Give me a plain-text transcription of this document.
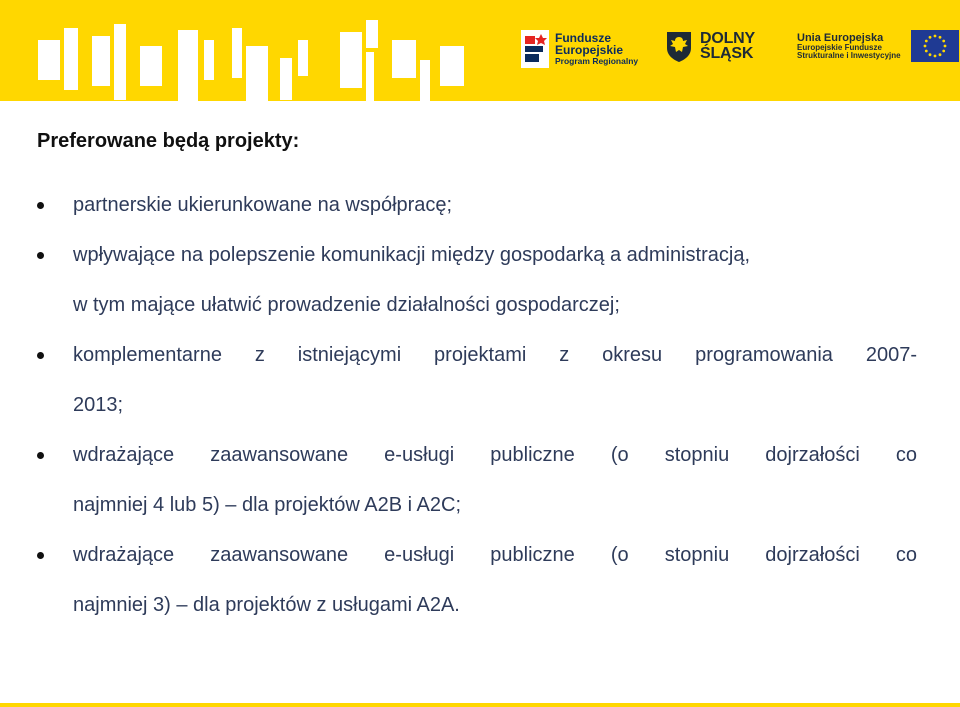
Fundusze
Europejskie
Program Regionalny
DOLNY
ŚLĄSK
Unia Europejska
Europejskie Fundusze
Strukturalne i Inwestycyjne
Preferowane będą projekty:
partnerskie ukierunkowane na współpracę;
wpływające na polepszenie komunikacji między gospodarką a administracją,
w tym mające ułatwić prowadzenie działalności gospodarczej;
komplementarne z istniejącymi projektami z okresu programowania 2007-
2013;
wdrażające zaawansowane e-usługi publiczne (o stopniu dojrzałości co
najmniej 4 lub 5) – dla projektów A2B i A2C;
wdrażające zaawansowane e-usługi publiczne (o stopniu dojrzałości co
najmniej 3) – dla projektów z usługami A2A.
